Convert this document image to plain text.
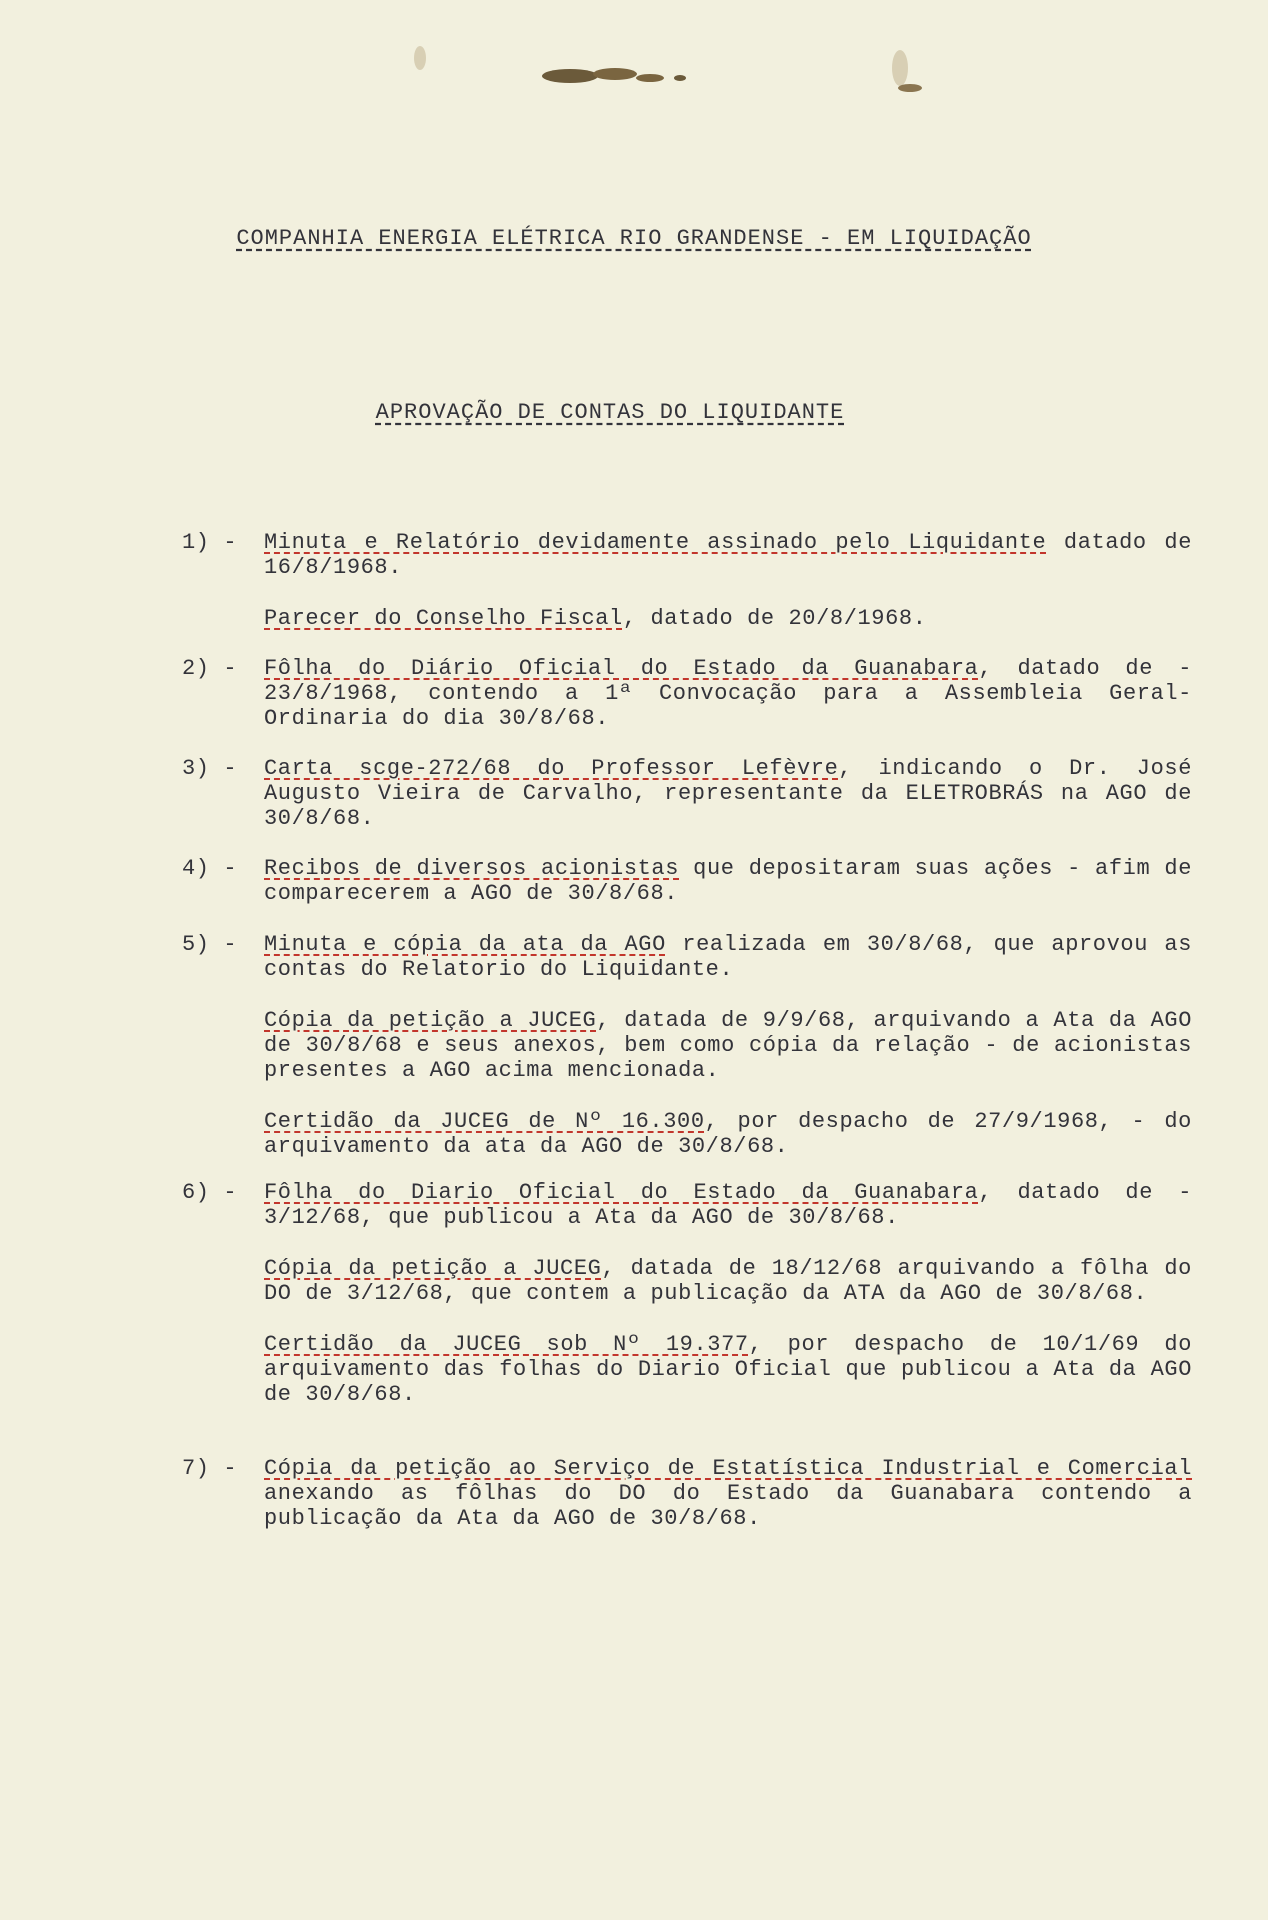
COMPANHIA ENERGIA ELÉTRICA RIO GRANDENSE - EM LIQUIDAÇÃO
APROVAÇÃO DE CONTAS DO LIQUIDANTE
1) -	Minuta e Relatório devidamente assinado pelo Liquidante datado de 16/8/1968.
Parecer do Conselho Fiscal, datado de 20/8/1968.
2) -	Fôlha do Diário Oficial do Estado da Guanabara, datado de - 23/8/1968, contendo a 1ª Convocação para a Assembleia Geral-Ordinaria do dia 30/8/68.
3) -	Carta scge-272/68 do Professor Lefèvre, indicando o Dr. José Augusto Vieira de Carvalho, representante da ELETROBRÁS na AGO de 30/8/68.
4) -	Recibos de diversos acionistas que depositaram suas ações - afim de comparecerem a AGO de 30/8/68.
5) -	Minuta e cópia da ata da AGO realizada em 30/8/68, que aprovou as contas do Relatorio do Liquidante.
Cópia da petição a JUCEG, datada de 9/9/68, arquivando a Ata da AGO de 30/8/68 e seus anexos, bem como cópia da relação - de acionistas presentes a AGO acima mencionada.
Certidão da JUCEG de Nº 16.300, por despacho de 27/9/1968, - do arquivamento da ata da AGO de 30/8/68.
6) -	Fôlha do Diario Oficial do Estado da Guanabara, datado de - 3/12/68, que publicou a Ata da AGO de 30/8/68.
Cópia da petição a JUCEG, datada de 18/12/68 arquivando a fôlha do DO de 3/12/68, que contem a publicação da ATA da AGO de 30/8/68.
Certidão da JUCEG sob Nº 19.377, por despacho de 10/1/69 do arquivamento das folhas do Diario Oficial que publicou a Ata da AGO de 30/8/68.
7) -	Cópia da petição ao Serviço de Estatística Industrial e Comercial anexando as fôlhas do DO do Estado da Guanabara contendo a publicação da Ata da AGO de 30/8/68.
